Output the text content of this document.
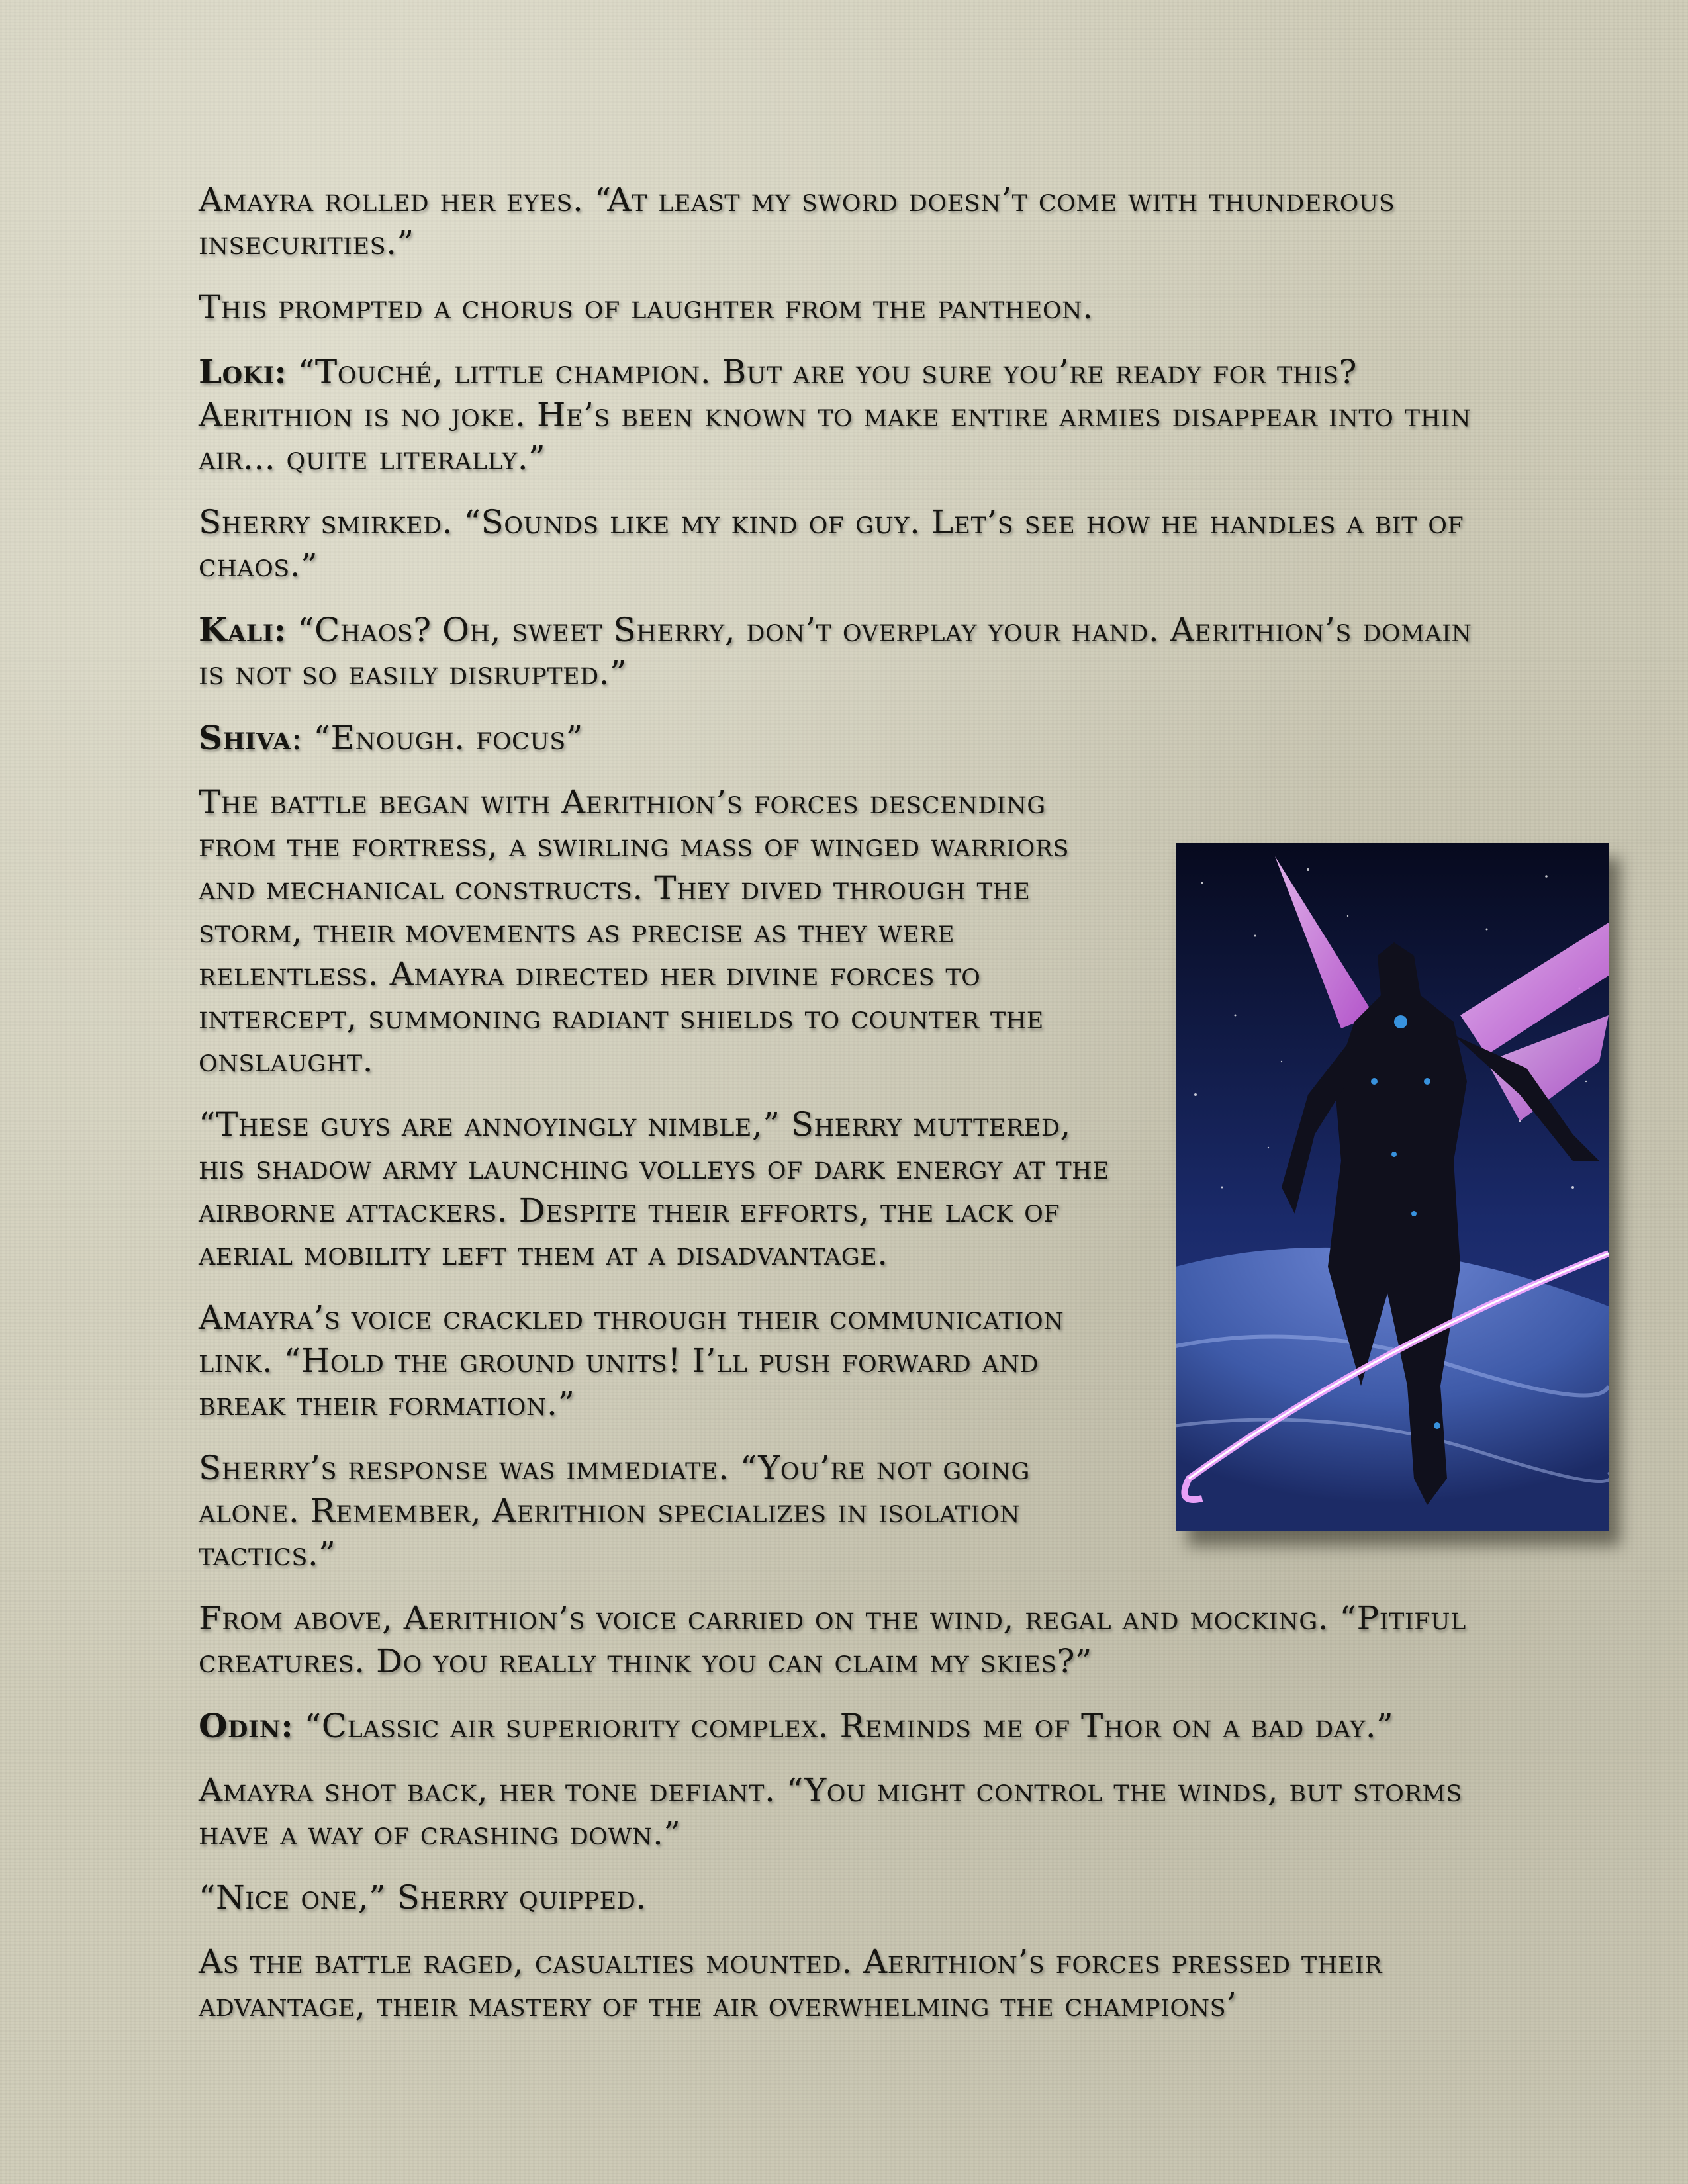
Amayra rolled her eyes. “At least my sword doesn’t come with thunderous insecurities.”

This prompted a chorus of laughter from the pantheon.

Loki: “Touché, little champion. But are you sure you’re ready for this? Aerithion is no joke. He’s been known to make entire armies disappear into thin air... quite literally.”

Sherry smirked. “Sounds like my kind of guy. Let’s see how he handles a bit of chaos.”

Kali: “Chaos? Oh, sweet Sherry, don’t overplay your hand. Aerithion’s domain is not so easily disrupted.”

Shiva: “Enough. focus”

The battle began with Aerithion’s forces descending from the fortress, a swirling mass of winged warriors and mechanical constructs. They dived through the storm, their movements as precise as they were relentless. Amayra directed her divine forces to intercept, summoning radiant shields to counter the onslaught.

“These guys are annoyingly nimble,” Sherry muttered, his shadow army launching volleys of dark energy at the airborne attackers. Despite their efforts, the lack of aerial mobility left them at a disadvantage.

Amayra’s voice crackled through their communication link. “Hold the ground units! I’ll push forward and break their formation.”

Sherry’s response was immediate. “You’re not going alone. Remember, Aerithion specializes in isolation tactics.”

From above, Aerithion’s voice carried on the wind, regal and mocking. “Pitiful creatures. Do you really think you can claim my skies?”

Odin: “Classic air superiority complex. Reminds me of Thor on a bad day.”

Amayra shot back, her tone defiant. “You might control the winds, but storms have a way of crashing down.”

“Nice one,” Sherry quipped.

As the battle raged, casualties mounted. Aerithion’s forces pressed their advantage, their mastery of the air overwhelming the champions’
